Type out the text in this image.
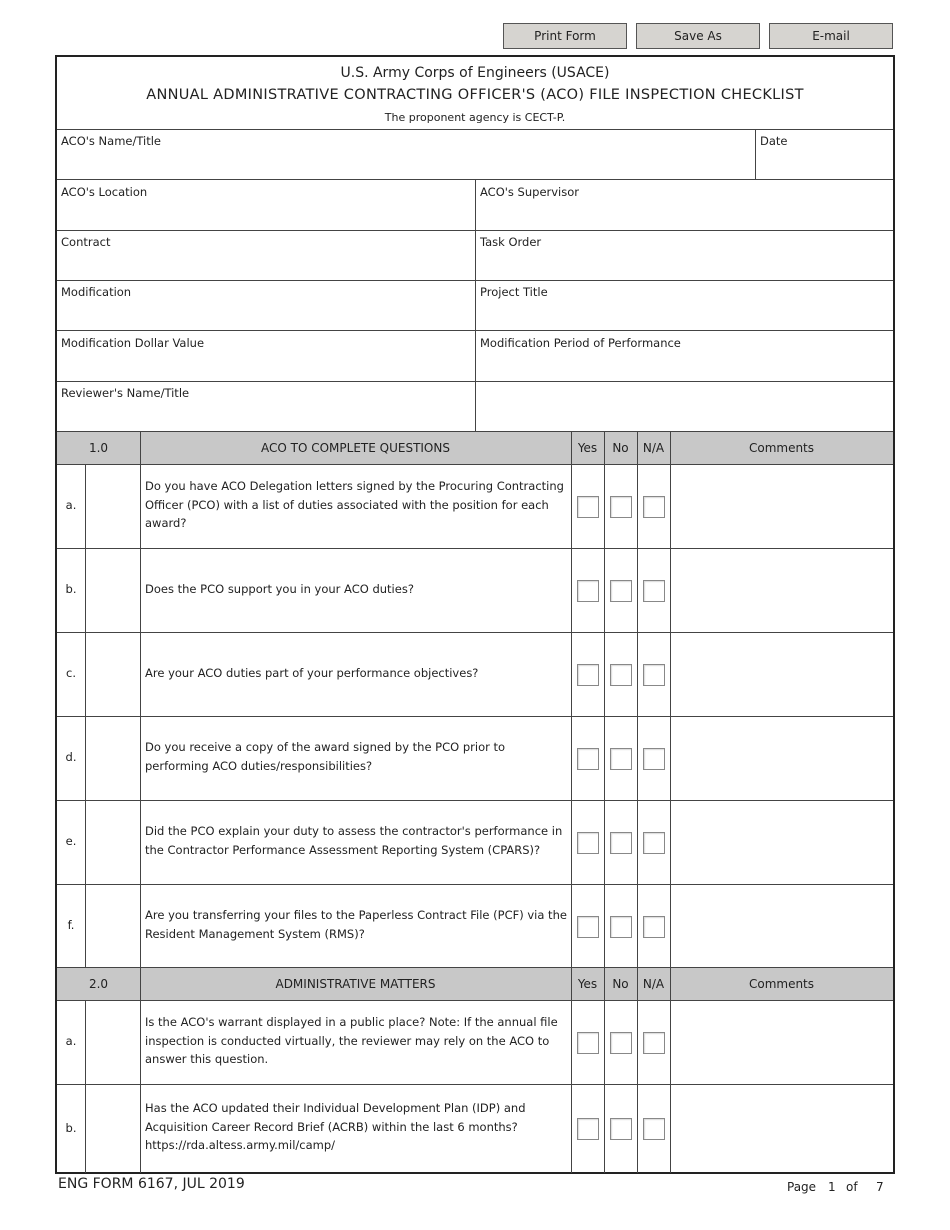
Print Form	Save As	E-mail
U.S. Army Corps of Engineers (USACE)
ANNUAL ADMINISTRATIVE CONTRACTING OFFICER'S (ACO) FILE INSPECTION CHECKLIST
The proponent agency is CECT-P.
ACO's Name/Title	Date
ACO's Location	ACO's Supervisor
Contract	Task Order
Modification	Project Title
Modification Dollar Value	Modification Period of Performance
Reviewer's Name/Title
1.0	ACO TO COMPLETE QUESTIONS	Yes	No	N/A	Comments
a.
Do you have ACO Delegation letters signed by the Procuring Contracting Officer (PCO) with a list of duties associated with the position for each award?
b.	Does the PCO support you in your ACO duties?
c.	Are your ACO duties part of your performance objectives?
d.
Do you receive a copy of the award signed by the PCO prior to performing ACO duties/responsibilities?
e.
Did the PCO explain your duty to assess the contractor's performance in the Contractor Performance Assessment Reporting System (CPARS)?
f.
Are you transferring your files to the Paperless Contract File (PCF) via the Resident Management System (RMS)?
2.0	ADMINISTRATIVE MATTERS	Yes	No	N/A	Comments
a.
Is the ACO's warrant displayed in a public place? Note: If the annual file inspection is conducted virtually, the reviewer may rely on the ACO to answer this question.
b.
Has the ACO updated their Individual Development Plan (IDP) and Acquisition Career Record Brief (ACRB) within the last 6 months? https://rda.altess.army.mil/camp/
ENG FORM 6167, JUL 2019	Page 1 of 7
